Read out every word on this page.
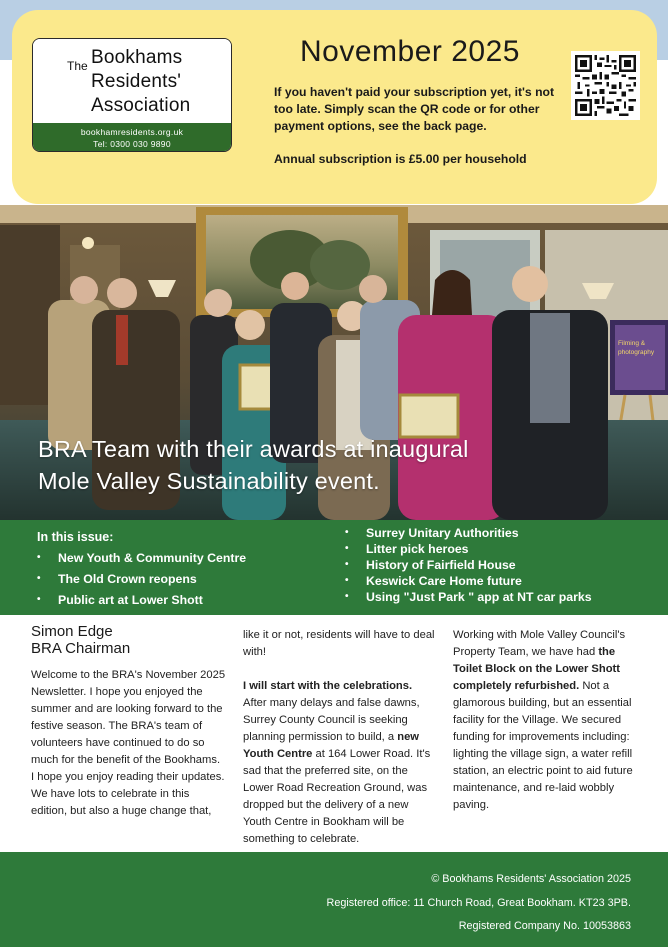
The Bookhams
Residents'
Association
bookhamresidents.org.uk
Tel: 0300 030 9890
November 2025
If you haven't paid your subscription yet, it's not too late. Simply scan the QR code or for other payment options, see the back page.
Annual subscription is £5.00 per household
Filming &
photography
BRA Team with their awards at inaugural
Mole Valley Sustainability event.
In this issue:
• New Youth & Community Centre
• The Old Crown reopens
• Public art at Lower Shott
• Surrey Unitary Authorities
• Litter pick heroes
• History of Fairfield House
• Keswick Care Home future
• Using "Just Park " app at NT car parks
Simon Edge
BRA Chairman

Welcome to the BRA's November 2025 Newsletter. I hope you enjoyed the summer and are looking forward to the festive season. The BRA's team of volunteers have continued to do so much for the benefit of the Bookhams. I hope you enjoy reading their updates.

We have lots to celebrate in this edition, but also a huge change that,

like it or not, residents will have to deal with!

I will start with the celebrations.
After many delays and false dawns, Surrey County Council is seeking planning permission to build, a new Youth Centre at 164 Lower Road. It's sad that the preferred site, on the Lower Road Recreation Ground, was dropped but the delivery of a new Youth Centre in Bookham will be something to celebrate.

Working with Mole Valley Council's Property Team, we have had the Toilet Block on the Lower Shott completely refurbished. Not a glamorous building, but an essential facility for the Village. We secured funding for improvements including: lighting the village sign, a water refill station, an electric point to aid future maintenance, and re-laid wobbly paving.

© Bookhams Residents' Association 2025
Registered office: 11 Church Road, Great Bookham. KT23 3PB.
Registered Company No. 10053863
